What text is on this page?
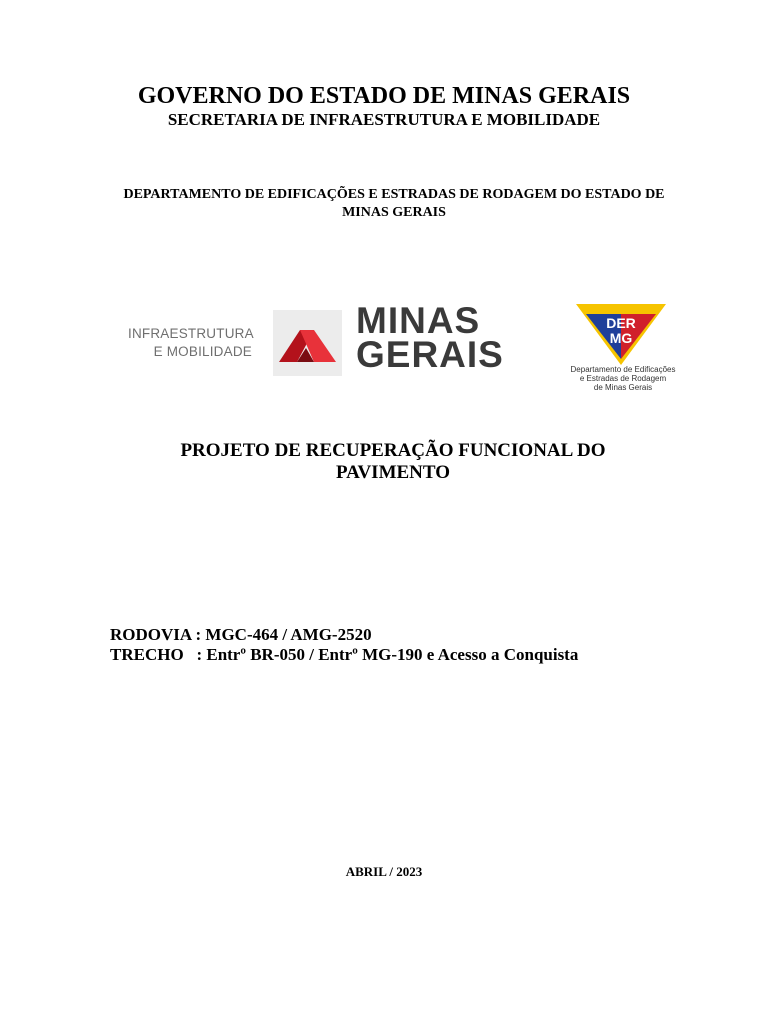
GOVERNO DO ESTADO DE MINAS GERAIS
SECRETARIA DE INFRAESTRUTURA E MOBILIDADE
DEPARTAMENTO DE EDIFICAÇÕES E ESTRADAS DE RODAGEM DO ESTADO DE MINAS GERAIS
INFRAESTRUTURA
E MOBILIDADE
MINAS
GERAIS
DER
MG
Departamento de Edificações
e Estradas de Rodagem
de Minas Gerais
PROJETO DE RECUPERAÇÃO FUNCIONAL DO PAVIMENTO
RODOVIA : MGC-464 / AMG-2520
TRECHO : Entrº BR-050 / Entrº MG-190 e Acesso a Conquista
ABRIL / 2023
